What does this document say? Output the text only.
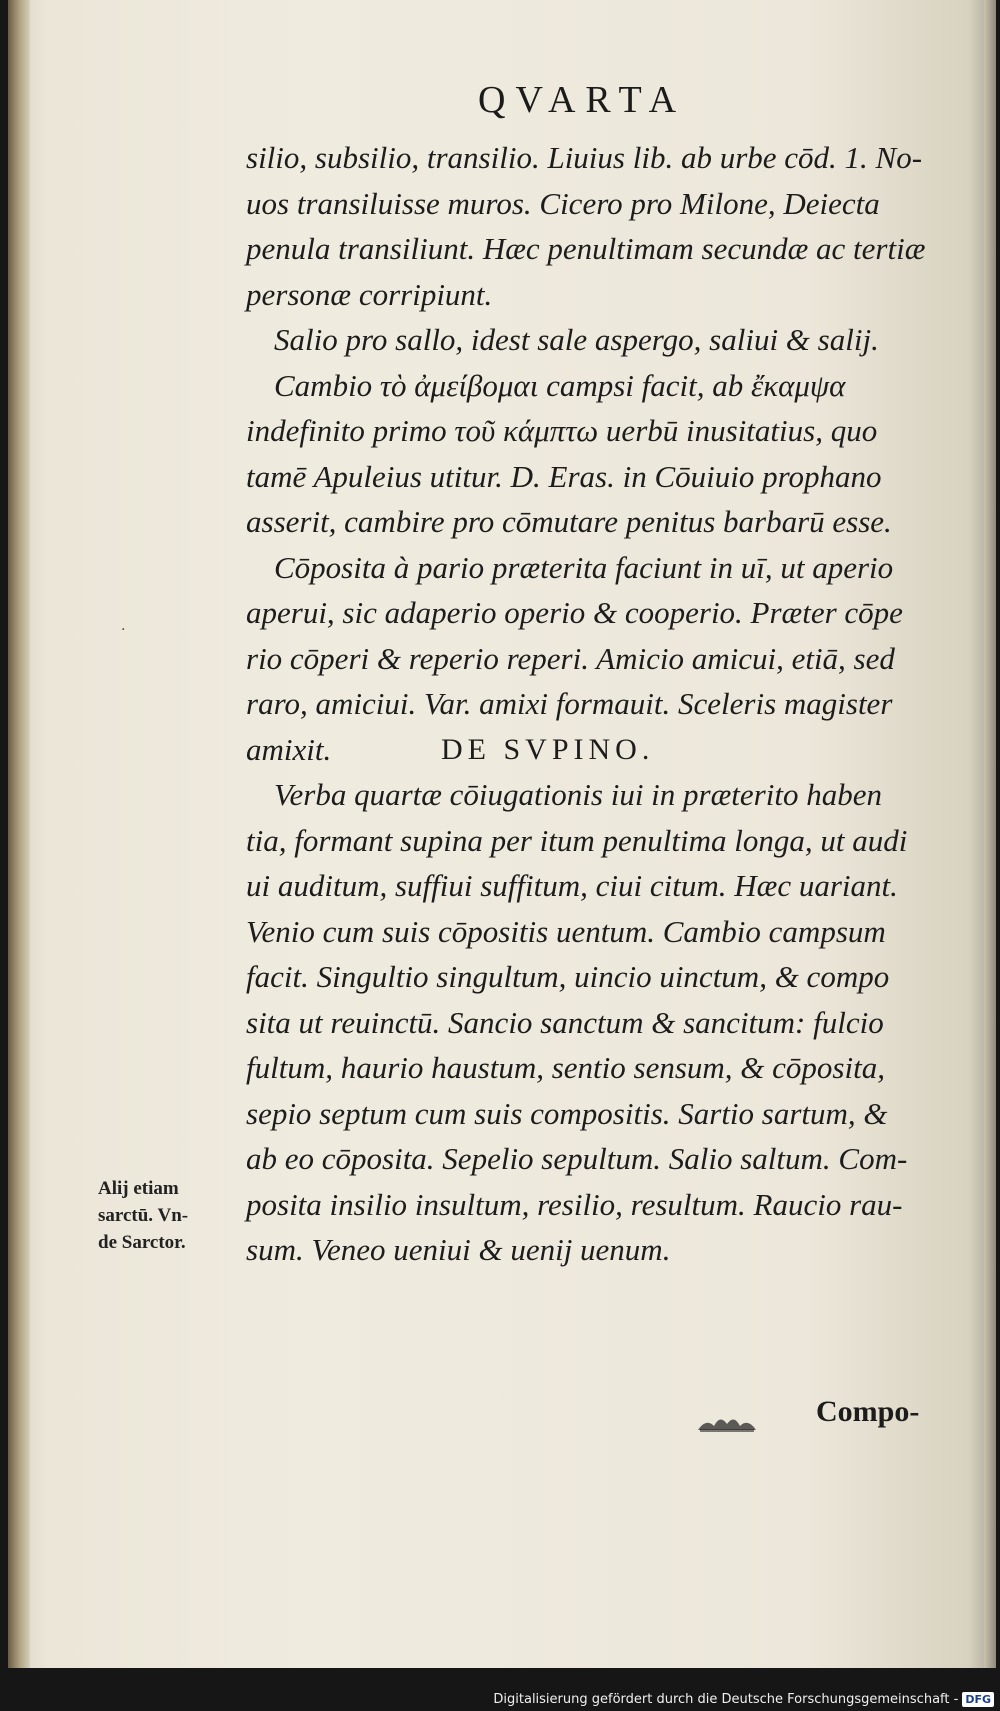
QVARTA
silio, subsilio, transilio. Liuius lib. ab urbe cōd. 1. No-
uos transiluisse muros. Cicero pro Milone, Deiecta
penula transiliunt. Hæc penultimam secundæ ac tertiæ
personæ corripiunt.
Salio pro sallo, idest sale aspergo, saliui & salij.
Cambio τὸ ἀμείβομαι campsi facit, ab ἔκαμψα
indefinito primo τοῦ κάμπτω uerbū inusitatius, quo
tamē Apuleius utitur. D. Eras. in Cōuiuio prophano
asserit, cambire pro cōmutare penitus barbarū esse.
Cōposita à pario præterita faciunt in uī, ut aperio
aperui, sic adaperio operio & cooperio. Præter cōpe
rio cōperi & reperio reperi. Amicio amicui, etiā, sed
raro, amiciui. Var. amixi formauit. Sceleris magister
amixit.	DE SVPINO.
Verba quartæ cōiugationis iui in præterito haben
tia, formant supina per itum penultima longa, ut audi
ui auditum, suffiui suffitum, ciui citum. Hæc uariant.
Venio cum suis cōpositis uentum. Cambio campsum
facit. Singultio singultum, uincio uinctum, & compo
sita ut reuinctū. Sancio sanctum & sancitum: fulcio
fultum, haurio haustum, sentio sensum, & cōposita,
sepio septum cum suis compositis. Sartio sartum, &
ab eo cōposita. Sepelio sepultum. Salio saltum. Com-
posita insilio insultum, resilio, resultum. Raucio rau-
sum. Veneo ueniui & uenij uenum.
·
Alij etiam
sarctū. Vn-
de Sarctor.
Compo-
Digitalisierung gefördert durch die Deutsche Forschungsgemeinschaft - DFG
